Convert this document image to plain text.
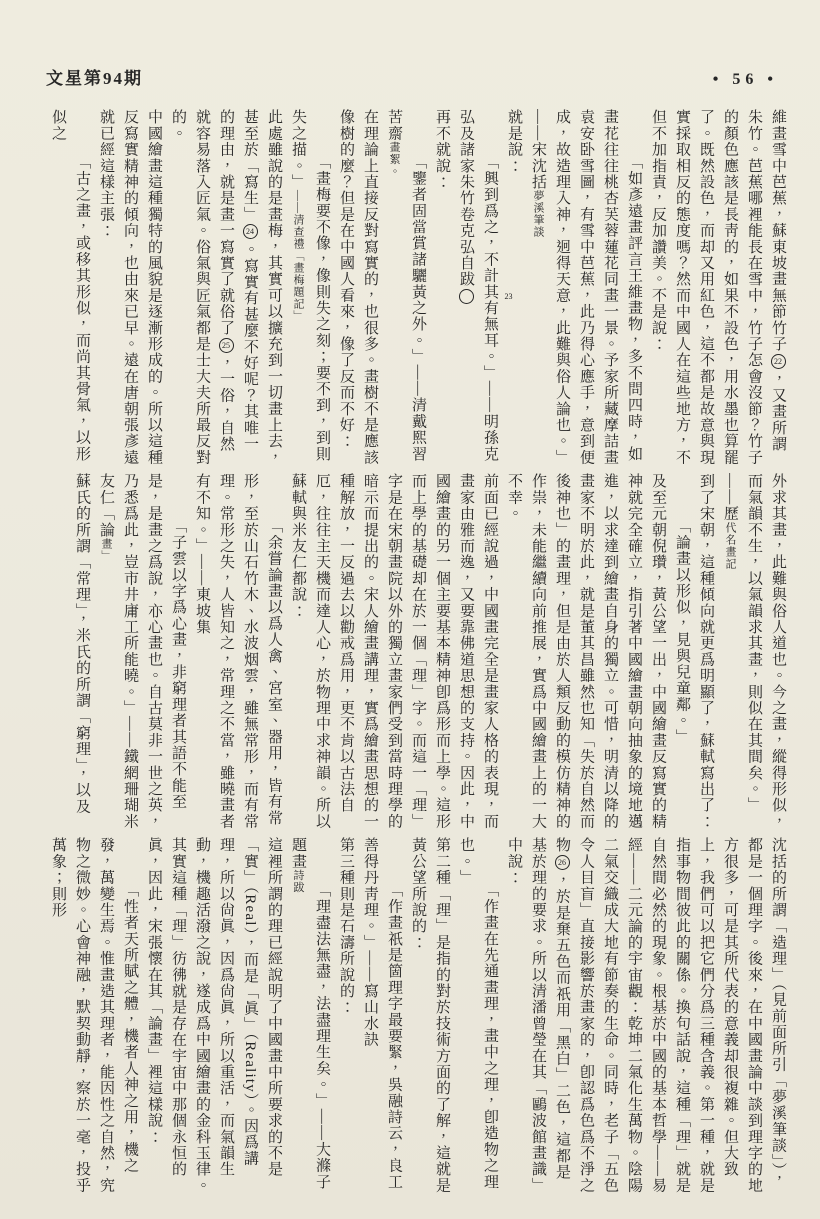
文星第94期	• 56 •

維畫雪中芭蕉，蘇東坡畫無節竹子22，又畫所謂朱竹。芭蕉哪裡能長在雪中，竹子怎會沒節？竹子的顏色應該是長靑的，如果不設色，用水墨也算罷了。既然設色，而却又用紅色，這不都是故意與現實採取相反的態度嗎？然而中國人在這些地方，不但不加指責，反加讚美。不是說：

「如彥遠畫評言王維畫物，多不問四時，如畫花往往桃杏芙蓉蓮花同畫一景。予家所藏摩詰畫袁安卧雪圖，有雪中芭蕉，此乃得心應手，意到便成，故造理入神，迥得天意，此難與俗人論也。」——宋沈括夢溪筆談

就是說：

「興到爲之，不計其有無耳。」——明孫克弘及諸家朱竹卷克弘自跋23

再不就說：

「鑒者固當賞諸驪黃之外。」——清戴熙習苦齋畫絮。

在理論上直接反對寫實的，也很多。畫樹不是應該像樹的麼？但是在中國人看來，像了反而不好：

「畫梅要不像，像則失之刻；要不到，到則失之描。」——清查禮「畫梅題記」

此處雖說的是畫梅，其實可以擴充到一切畫上去，甚至於「寫生」24。寫實有甚麼不好呢？其唯一的理由，就是畫一寫實了就俗了25，一俗，自然就容易落入匠氣。俗氣與匠氣都是士大夫所最反對的。

中國繪畫這種獨特的風貌是逐漸形成的。所以這種反寫實精神的傾向，也由來已早。遠在唐朝張彥遠就已經這樣主張：

「古之畫，或移其形似，而尚其骨氣，以形似之

外求其畫，此難與俗人道也。今之畫，縱得形似，而氣韻不生，以氣韻求其畫，則似在其間矣。」——歷代名畫記

到了宋朝，這種傾向就更爲明顯了，蘇軾寫出了：

「論畫以形似，見與兒童鄰。」

及至元朝倪瓚，黃公望一出，中國繪畫反寫實的精神就完全確立，指引著中國繪畫朝向抽象的境地邁進，以求達到繪畫自身的獨立。可惜，明清以降的畫家不明於此，就是董其昌雖然也知「失於自然而後神也」的畫理，但是由於人類反動的模仿精神的作祟，未能繼續向前推展，實爲中國繪畫上的一大不幸。

前面已經說過，中國畫完全是畫家人格的表現，而畫家由雅而逸，又要靠佛道思想的支持。因此，中國繪畫的另一個主要基本精神卽爲形而上學。這形而上學的基礎却在於一個「理」字。而這一「理」字是在宋朝畫院以外的獨立畫家們受到當時理學的暗示而提出的。宋人繪畫講理，實爲繪畫思想的一種解放，一反過去以勸戒爲用，更不肯以古法自厄，往往主天機而達人心，於物理中求神韻。所以蘇軾與米友仁都說：

「余嘗論畫以爲人禽、宮室、器用，皆有常形，至於山石竹木、水波烟雲，雖無常形，而有常理。常形之失，人皆知之，常理之不當，雖曉畫者有不知。」——東坡集

「子雲以字爲心畫，非窮理者其語不能至是，是畫之爲說，亦心畫也。自古莫非一世之英，乃悉爲此，豈市井庸工所能曉。」——鐵網珊瑚米友仁「論畫」

蘇氏的所謂「常理」，米氏的所謂「窮理」，以及

沈括的所謂「造理」（見前面所引「夢溪筆談」），都是一個理字。後來，在中國畫論中談到理字的地方很多，可是其所代表的意義却很複雜。但大致上，我們可以把它們分爲三種含義。第一種，就是指事物間彼此的關係。換句話說，這種「理」就是自然間必然的現象。根基於中國的基本哲學——易經——二元論的宇宙觀：乾坤二氣化生萬物。陰陽二氣交織成大地有節奏的生命。同時，老子「五色令人目盲」直接影響於畫家的，卽認爲色爲不淨之物26，於是棄五色而祇用「黑白」二色，這都是基於理的要求。所以清潘曾瑩在其「鷗波館畫識」中說：

「作畫在先通畫理，畫中之理，卽造物之理也。」

第二種「理」是指的對於技術方面的了解，這就是黃公望所說的：

「作畫祇是箇理字最要緊，吳融詩云，良工善得丹靑理。」——寫山水訣

第三種則是石濤所說的：

「理盡法無盡，法盡理生矣。」——大滌子題畫詩跋

這裡所謂的理已經說明了中國畫中所要求的不是「實」（Real），而是「眞」（Reality）。因爲講理，所以尙眞，因爲尙眞，所以重活，而氣韻生動，機趣活潑之說，遂成爲中國繪畫的金科玉律。其實這種「理」彷彿就是存在宇宙中那個永恒的眞，因此，宋張懷在其「論畫」裡這樣說：

「性者天所賦之體，機者人神之用，機之發，萬變生焉。惟畫造其理者，能因性之自然，究物之微妙。心會神融，默契動靜，察於一毫，投乎萬象；則形
